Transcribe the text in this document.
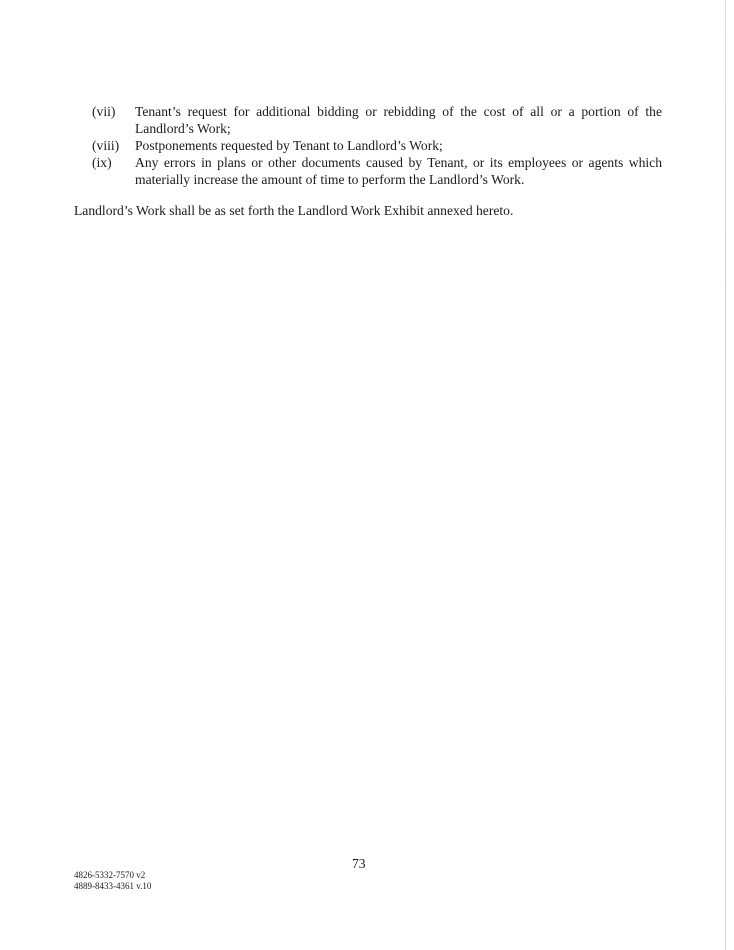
(vii)	Tenant’s request for additional bidding or rebidding of the cost of all or a portion of the Landlord’s Work;
(viii)	Postponements requested by Tenant to Landlord’s Work;
(ix)	Any errors in plans or other documents caused by Tenant, or its employees or agents which materially increase the amount of time to perform the Landlord’s Work.
Landlord’s Work shall be as set forth the Landlord Work Exhibit annexed hereto.
73
4826-5332-7570 v2
4889-8433-4361 v.10
